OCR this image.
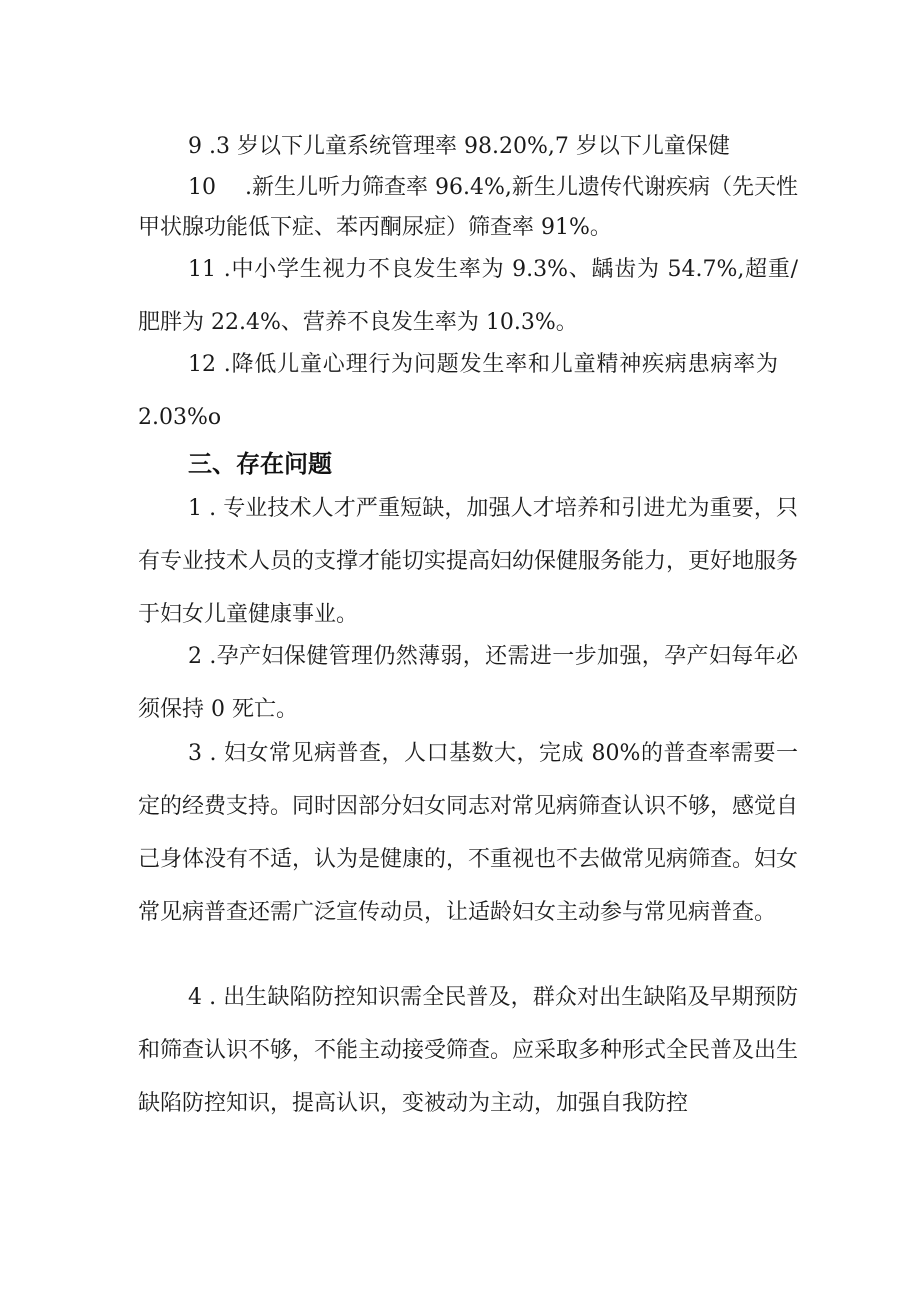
9 .3 岁以下儿童系统管理率 98.20%,7 岁以下儿童保健
10　 .新生儿听力筛查率 96.4%,新生儿遗传代谢疾病（先天性甲状腺功能低下症、苯丙酮尿症）筛查率 91%。
11 .中小学生视力不良发生率为 9.3%、龋齿为 54.7%,超重/肥胖为 22.4%、营养不良发生率为 10.3%。
12 .降低儿童心理行为问题发生率和儿童精神疾病患病率为 2.03%o
三、存在问题
1 . 专业技术人才严重短缺，加强人才培养和引进尤为重要，只有专业技术人员的支撑才能切实提高妇幼保健服务能力，更好地服务于妇女儿童健康事业。
2 .孕产妇保健管理仍然薄弱，还需进一步加强，孕产妇每年必须保持 0 死亡。
3 . 妇女常见病普查，人口基数大，完成 80%的普查率需要一定的经费支持。同时因部分妇女同志对常见病筛查认识不够，感觉自己身体没有不适，认为是健康的，不重视也不去做常见病筛查。妇女常见病普查还需广泛宣传动员，让适龄妇女主动参与常见病普查。
4 . 出生缺陷防控知识需全民普及，群众对出生缺陷及早期预防和筛查认识不够，不能主动接受筛查。应采取多种形式全民普及出生缺陷防控知识，提高认识，变被动为主动，加强自我防控
